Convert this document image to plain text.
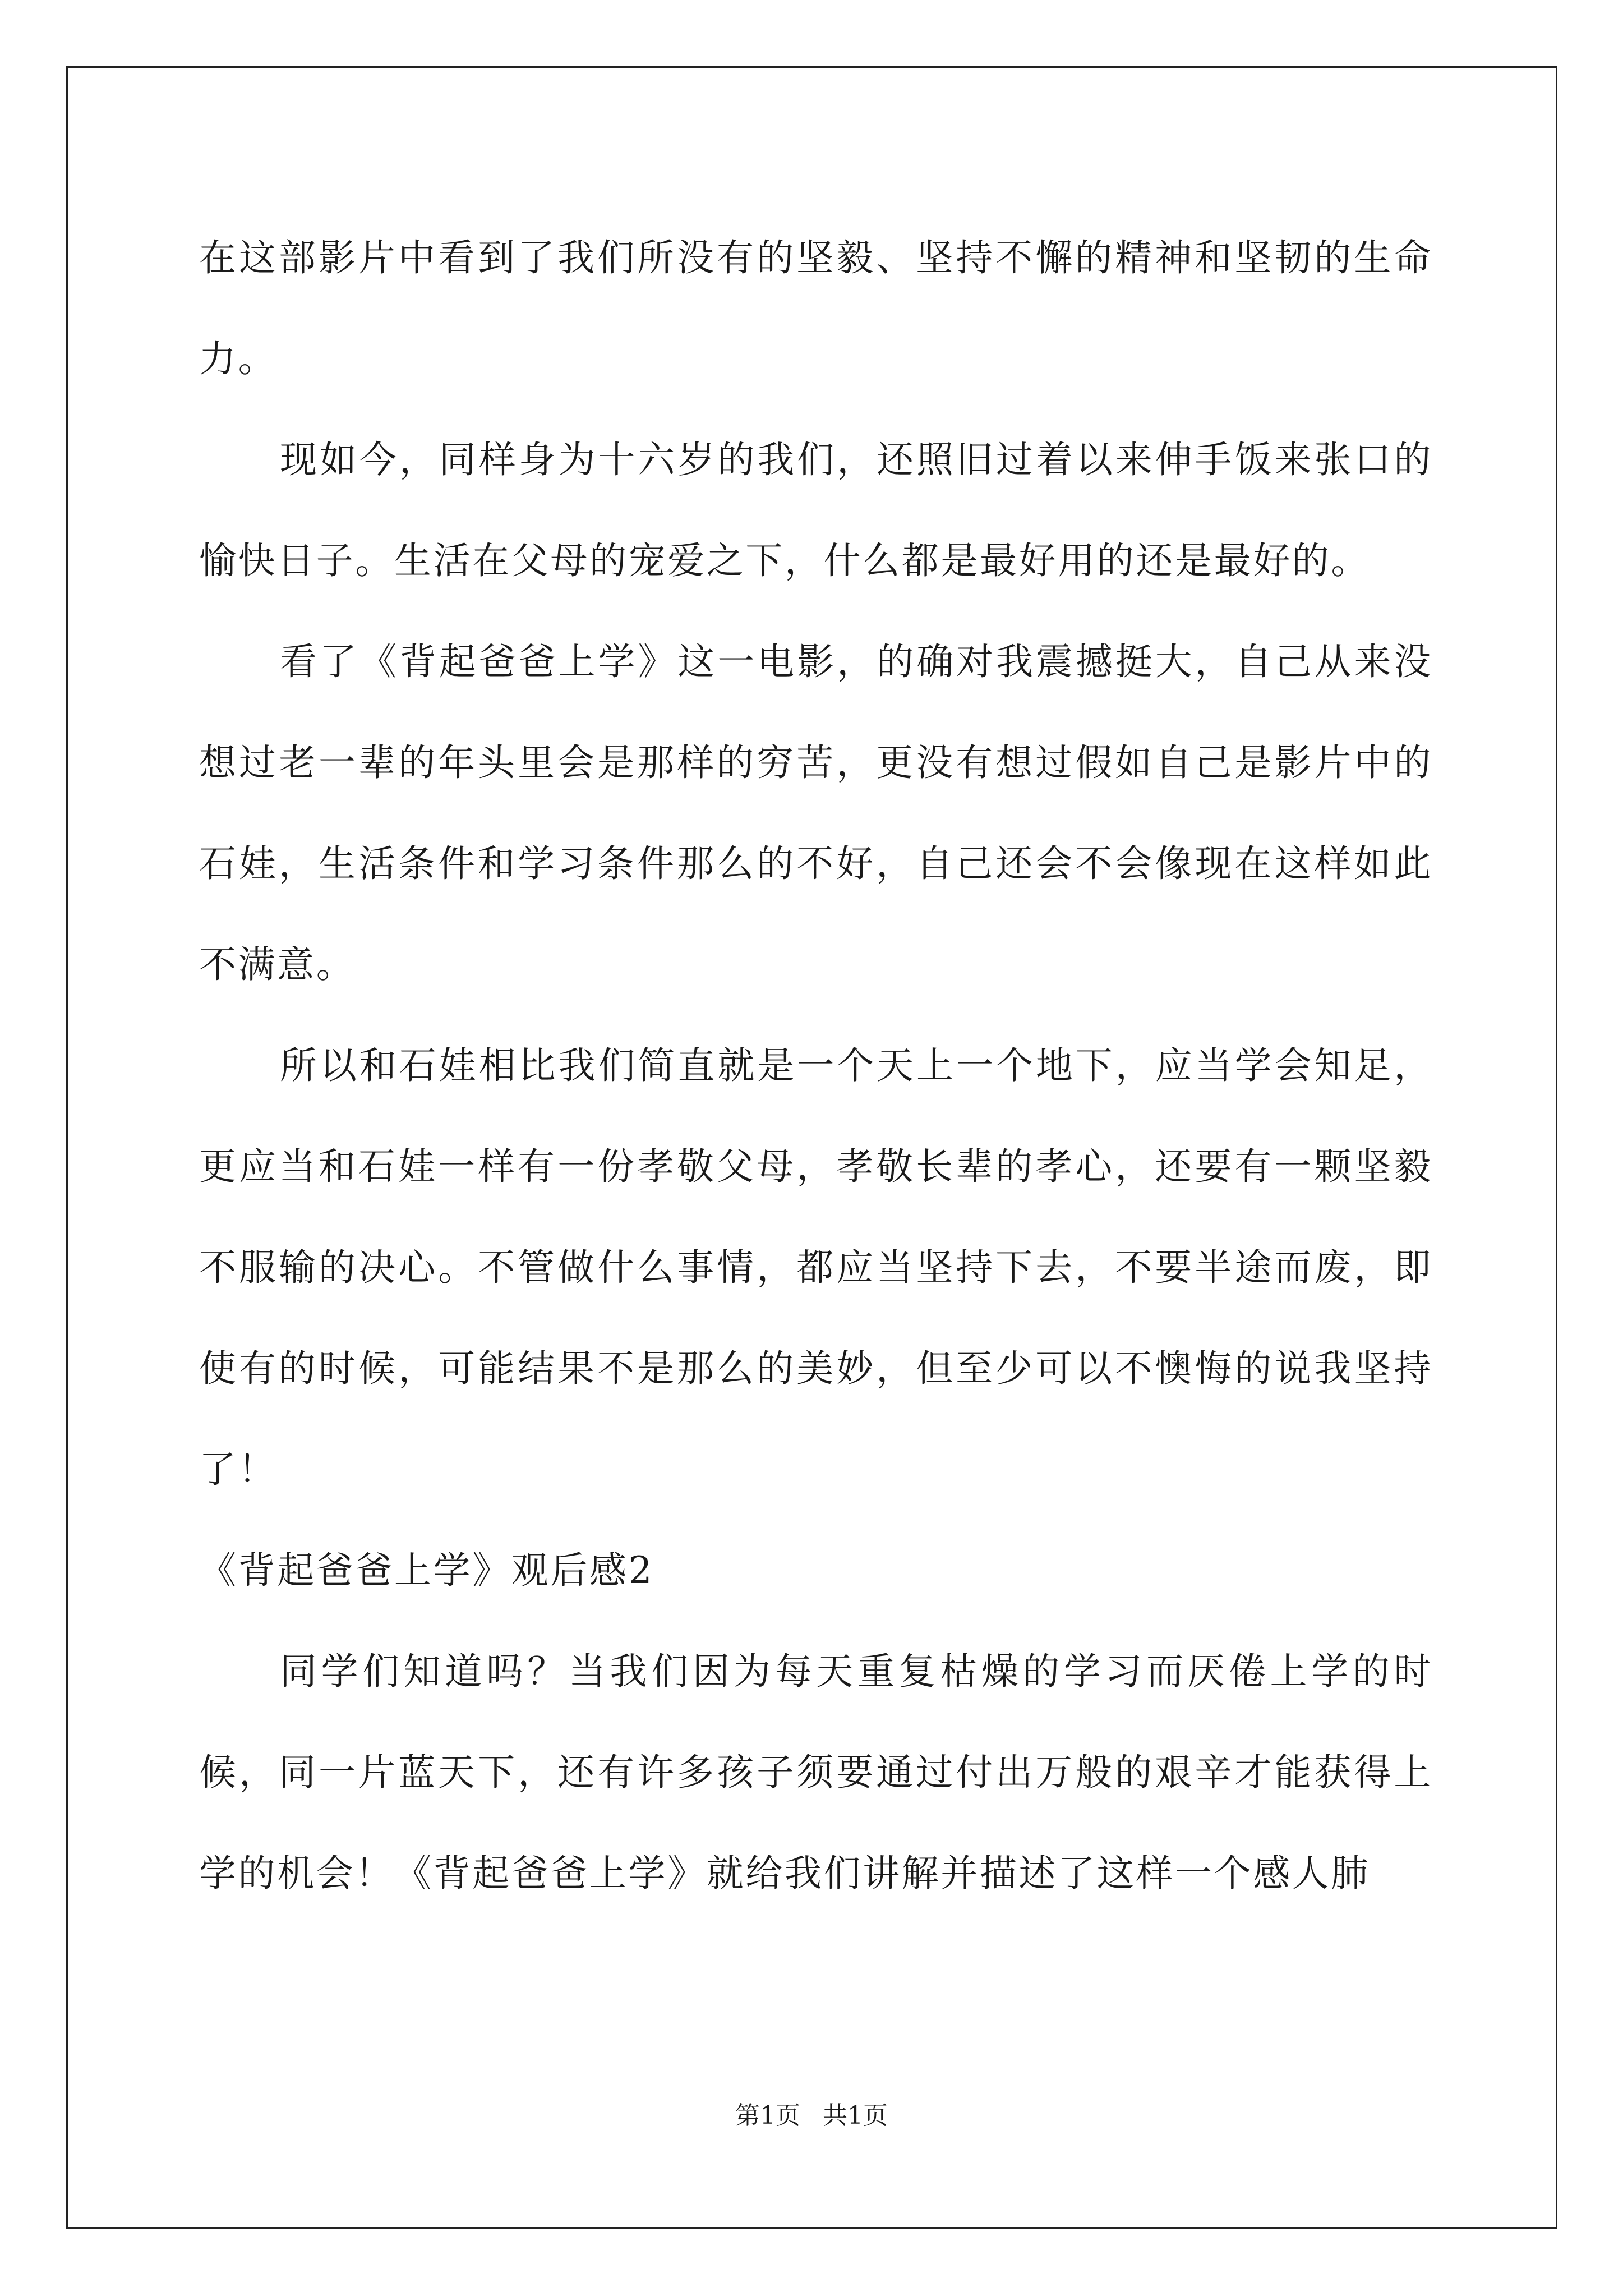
在这部影片中看到了我们所没有的坚毅、坚持不懈的精神和坚韧的生命力。

现如今，同样身为十六岁的我们，还照旧过着以来伸手饭来张口的愉快日子。生活在父母的宠爱之下，什么都是最好用的还是最好的。

看了《背起爸爸上学》这一电影，的确对我震撼挺大，自己从来没想过老一辈的年头里会是那样的穷苦，更没有想过假如自己是影片中的石娃，生活条件和学习条件那么的不好，自己还会不会像现在这样如此不满意。

所以和石娃相比我们简直就是一个天上一个地下，应当学会知足，更应当和石娃一样有一份孝敬父母，孝敬长辈的孝心，还要有一颗坚毅不服输的决心。不管做什么事情，都应当坚持下去，不要半途而废，即使有的时候，可能结果不是那么的美妙，但至少可以不懊悔的说我坚持了！

《背起爸爸上学》观后感2

同学们知道吗？当我们因为每天重复枯燥的学习而厌倦上学的时候，同一片蓝天下，还有许多孩子须要通过付出万般的艰辛才能获得上学的机会！《背起爸爸上学》就给我们讲解并描述了这样一个感人肺

第1页 共1页
